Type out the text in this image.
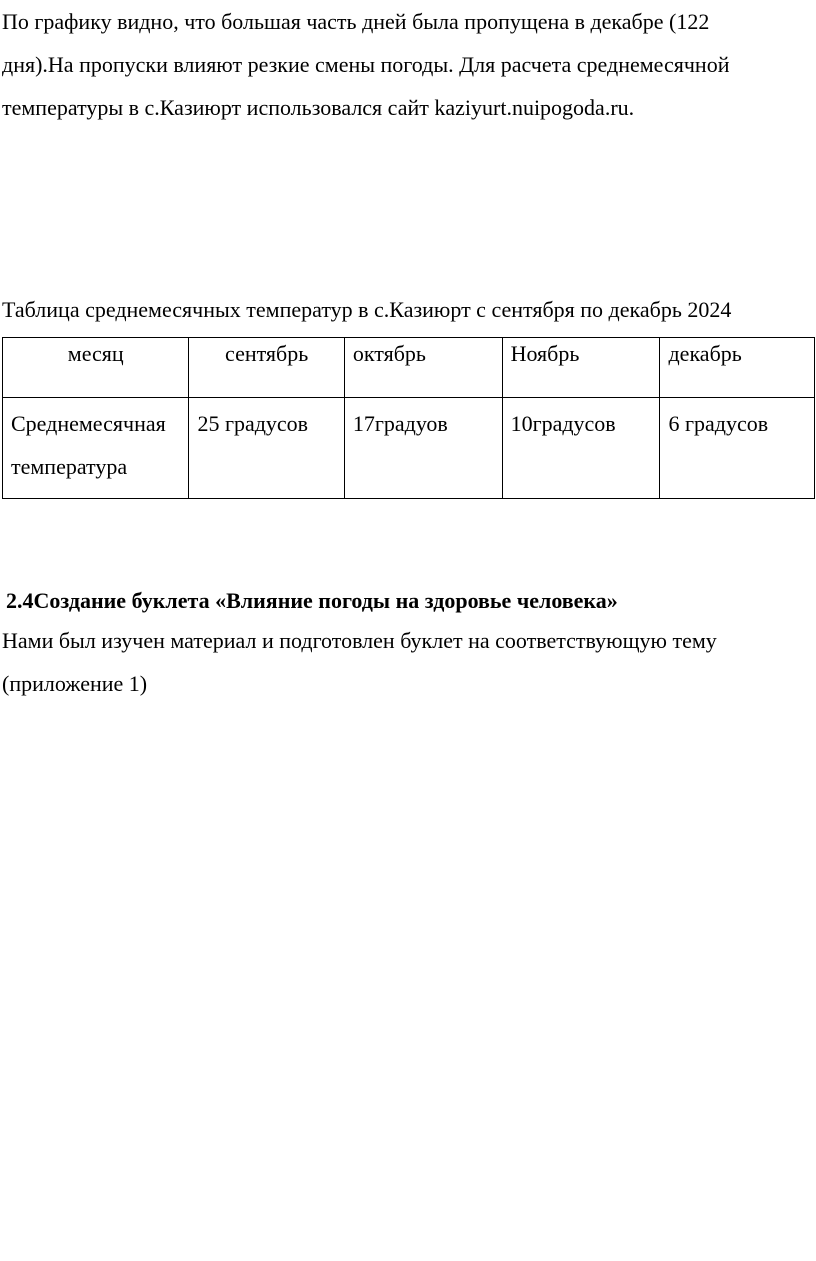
По графику видно, что большая часть дней была пропущена в декабре (122
дня).На пропуски влияют резкие смены погоды. Для расчета среднемесячной
температуры в с.Казиюрт использовался сайт kaziyurt.nuipogoda.ru.

Таблица среднемесячных температур в с.Казиюрт с сентября по декабрь 2024

месяц	сентябрь	октябрь	Ноябрь	декабрь

Среднемесячная
температура	25 градусов	17градуов	10градусов	6 градусов
2.4Создание буклета «Влияние погоды на здоровье человека»

Нами был изучен материал и подготовлен буклет на соответствующую тему
(приложение 1)
